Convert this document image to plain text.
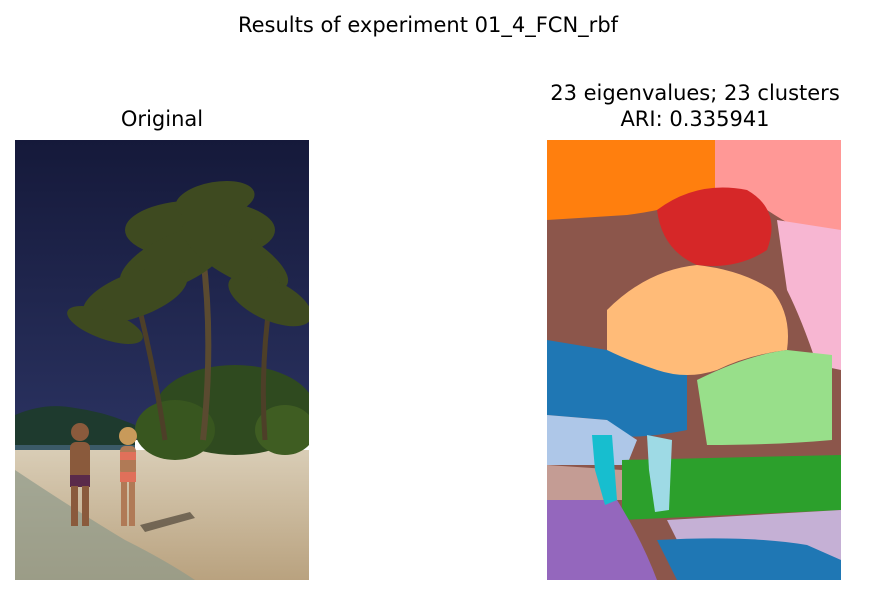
Results of experiment 01_4_FCN_rbf
Original
23 eigenvalues; 23 clusters
ARI: 0.335941
